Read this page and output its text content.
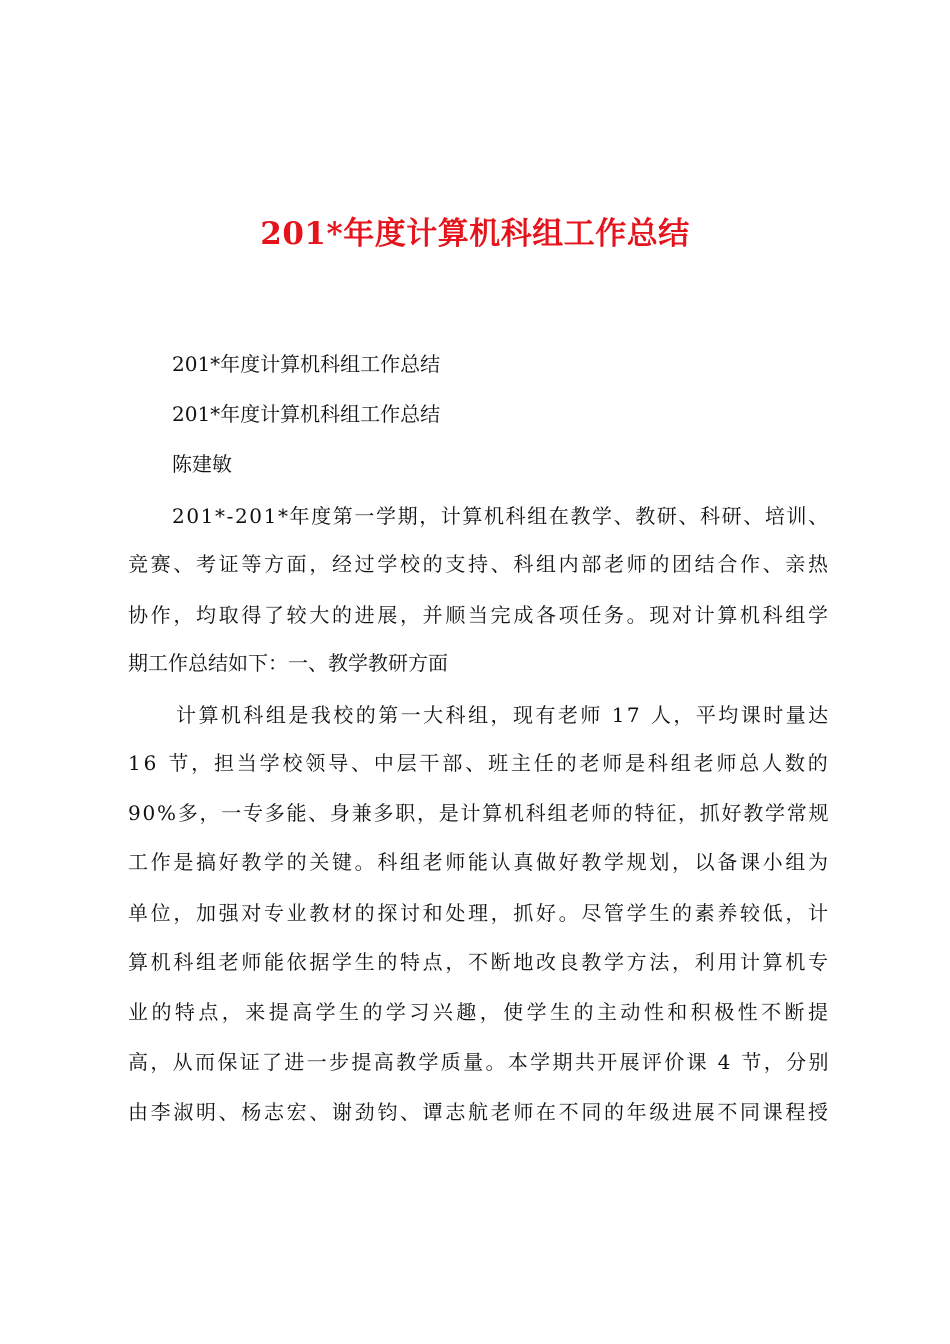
201*年度计算机科组工作总结
201*年度计算机科组工作总结
201*年度计算机科组工作总结
陈建敏
201*-201*年度第一学期，计算机科组在教学、教研、科研、培训、
竞赛、考证等方面，经过学校的支持、科组内部老师的团结合作、亲热
协作，均取得了较大的进展，并顺当完成各项任务。现对计算机科组学
期工作总结如下：一、教学教研方面
计算机科组是我校的第一大科组，现有老师 17 人，平均课时量达
16 节，担当学校领导、中层干部、班主任的老师是科组老师总人数的
90%多，一专多能、身兼多职，是计算机科组老师的特征，抓好教学常规
工作是搞好教学的关键。科组老师能认真做好教学规划，以备课小组为
单位，加强对专业教材的探讨和处理，抓好。尽管学生的素养较低，计
算机科组老师能依据学生的特点，不断地改良教学方法，利用计算机专
业的特点，来提高学生的学习兴趣，使学生的主动性和积极性不断提
高，从而保证了进一步提高教学质量。本学期共开展评价课 4 节，分别
由李淑明、杨志宏、谢劲钧、谭志航老师在不同的年级进展不同课程授
